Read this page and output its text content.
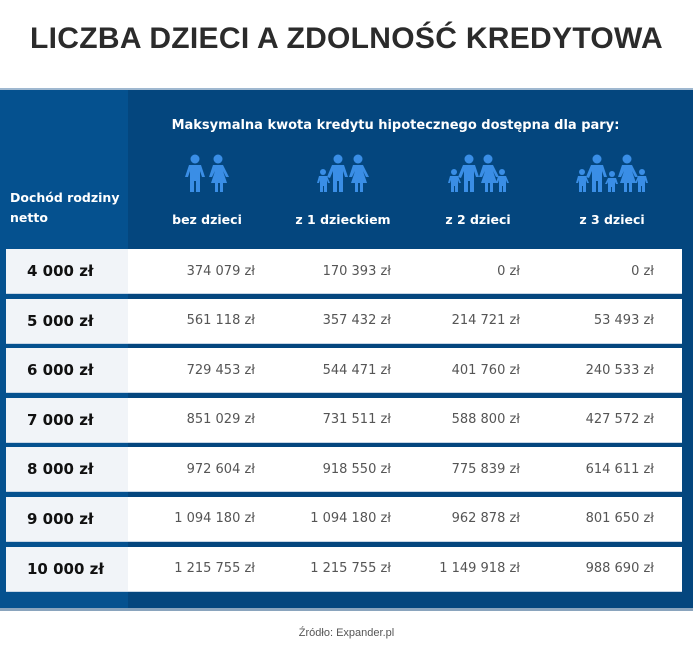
LICZBA DZIECI A ZDOLNOŚĆ KREDYTOWA
Maksymalna kwota kredytu hipotecznego dostępna dla pary:
Dochód rodziny netto	bez dzieci	z 1 dzieckiem	z 2 dzieci	z 3 dzieci
4 000 zł	374 079 zł	170 393 zł	0 zł	0 zł
5 000 zł	561 118 zł	357 432 zł	214 721 zł	53 493 zł
6 000 zł	729 453 zł	544 471 zł	401 760 zł	240 533 zł
7 000 zł	851 029 zł	731 511 zł	588 800 zł	427 572 zł
8 000 zł	972 604 zł	918 550 zł	775 839 zł	614 611 zł
9 000 zł	1 094 180 zł	1 094 180 zł	962 878 zł	801 650 zł
10 000 zł	1 215 755 zł	1 215 755 zł	1 149 918 zł	988 690 zł
Źródło: Expander.pl
